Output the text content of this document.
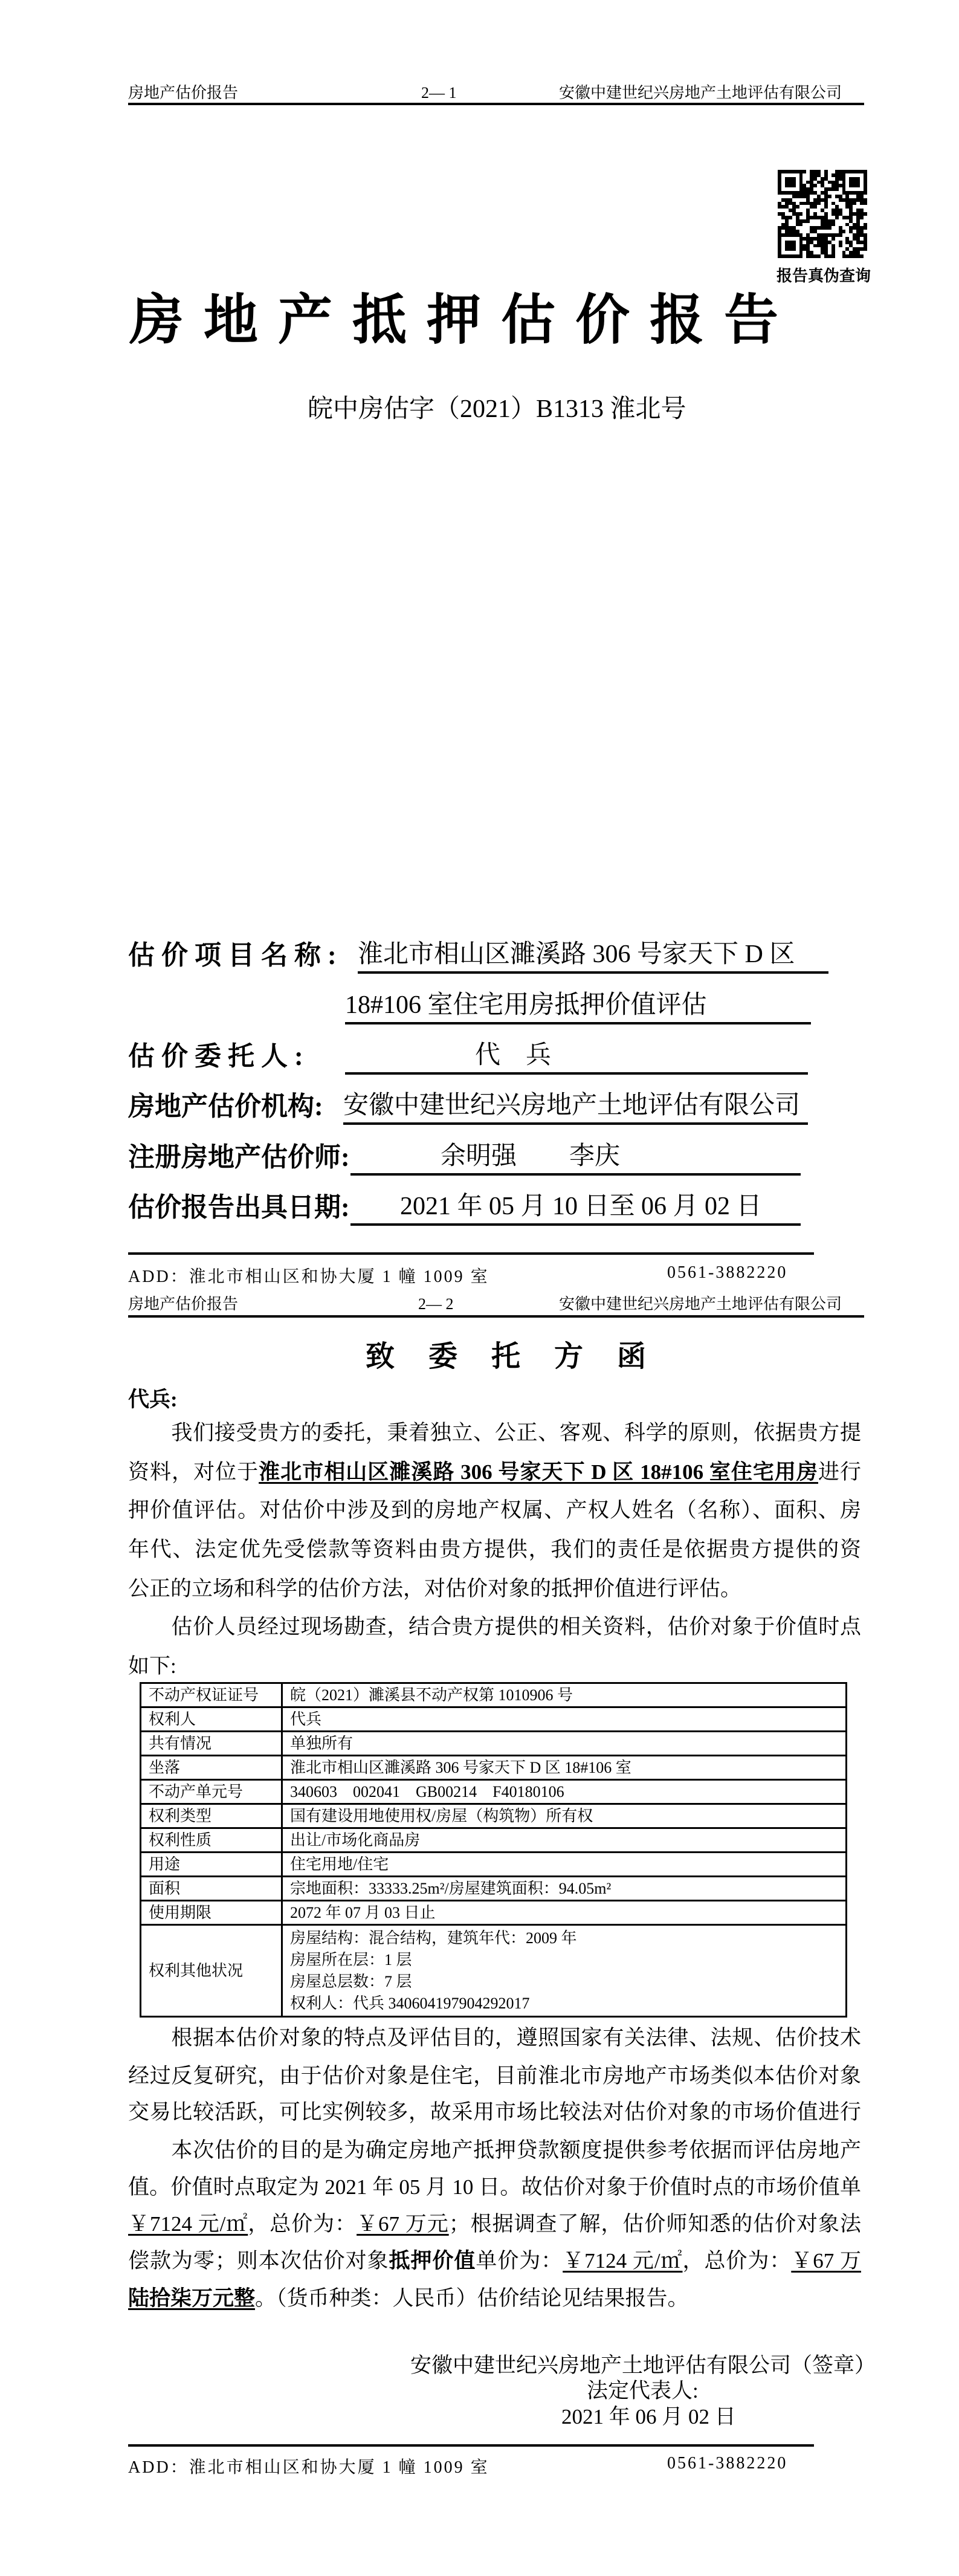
房地产估价报告	2— 1	安徽中建世纪兴房地产土地评估有限公司
报告真伪查询
房地产抵押估价报告
皖中房估字（2021）B1313 淮北号
估 价 项 目 名 称 : 淮北市相山区濉溪路 306 号家天下 D 区
18#106 室住宅用房抵押价值评估
估 价 委 托 人 :	代　兵
房地产估价机构: 安徽中建世纪兴房地产土地评估有限公司
注册房地产估价师:	余明强 李庆
估价报告出具日期: 2021 年 05 月 10 日至 06 月 02 日
ADD：淮北市相山区和协大厦 1 幢 1009 室	0561-3882220
房地产估价报告	2— 2	安徽中建世纪兴房地产土地评估有限公司
致　委　托　方　函
代兵:
　　我们接受贵方的委托，秉着独立、公正、客观、科学的原则，依据贵方提
资料，对位于淮北市相山区濉溪路 306 号家天下 D 区 18#106 室住宅用房进行
押价值评估。对估价中涉及到的房地产权属、产权人姓名（名称）、面积、房
年代、法定优先受偿款等资料由贵方提供，我们的责任是依据贵方提供的资
公正的立场和科学的估价方法，对估价对象的抵押价值进行评估。
　　估价人员经过现场勘查，结合贵方提供的相关资料，估价对象于价值时点
如下:
不动产权证证号	皖（2021）濉溪县不动产权第 1010906 号

权利人	代兵

共有情况	单独所有

坐落	淮北市相山区濉溪路 306 号家天下 D 区 18#106 室

不动产单元号	340603　002041　GB00214　F40180106

权利类型	国有建设用地使用权/房屋（构筑物）所有权

权利性质	出让/市场化商品房

用途	住宅用地/住宅

面积	宗地面积：33333.25m²/房屋建筑面积：94.05m²

使用期限	2072 年 07 月 03 日止

权利其他状况	房屋结构：混合结构，建筑年代：2009 年
房屋所在层：1 层
房屋总层数：7 层
权利人：代兵 340604197904292017
　　根据本估价对象的特点及评估目的，遵照国家有关法律、法规、估价技术
经过反复研究，由于估价对象是住宅，目前淮北市房地产市场类似本估价对象
交易比较活跃，可比实例较多，故采用市场比较法对估价对象的市场价值进行
　　本次估价的目的是为确定房地产抵押贷款额度提供参考依据而评估房地产
值。价值时点取定为 2021 年 05 月 10 日。故估价对象于价值时点的市场价值单
￥7124 元/㎡，总价为：￥67 万元；根据调查了解，估价师知悉的估价对象法
偿款为零；则本次估价对象抵押价值单价为：￥7124 元/㎡，总价为：￥67 万
陆拾柒万元整。（货币种类：人民币）估价结论见结果报告。
安徽中建世纪兴房地产土地评估有限公司（签章）
法定代表人:
2021 年 06 月 02 日
ADD：淮北市相山区和协大厦 1 幢 1009 室	0561-3882220
